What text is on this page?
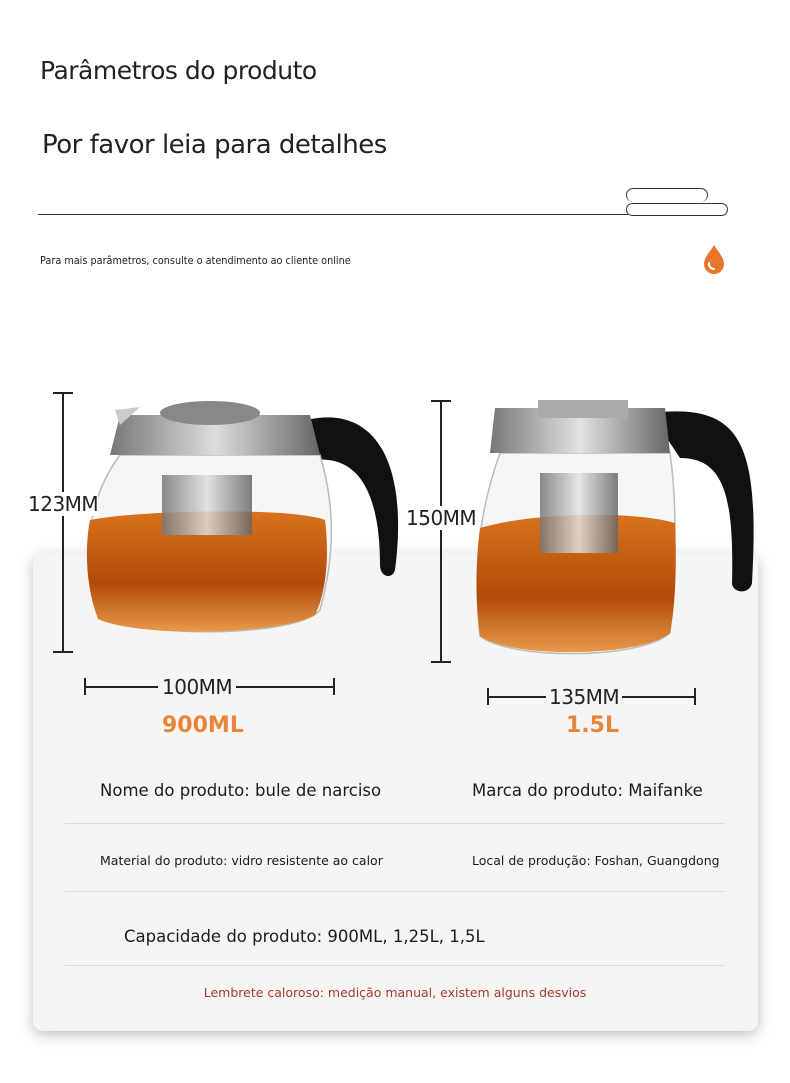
Parâmetros do produto
Por favor leia para detalhes
Para mais parâmetros, consulte o atendimento ao cliente online
123MM
100MM
900ML
150MM
135MM
1.5L
Nome do produto: bule de narciso	Marca do produto: Maifanke
Material do produto: vidro resistente ao calor	Local de produção: Foshan, Guangdong
Capacidade do produto: 900ML, 1,25L, 1,5L
Lembrete caloroso: medição manual, existem alguns desvios
